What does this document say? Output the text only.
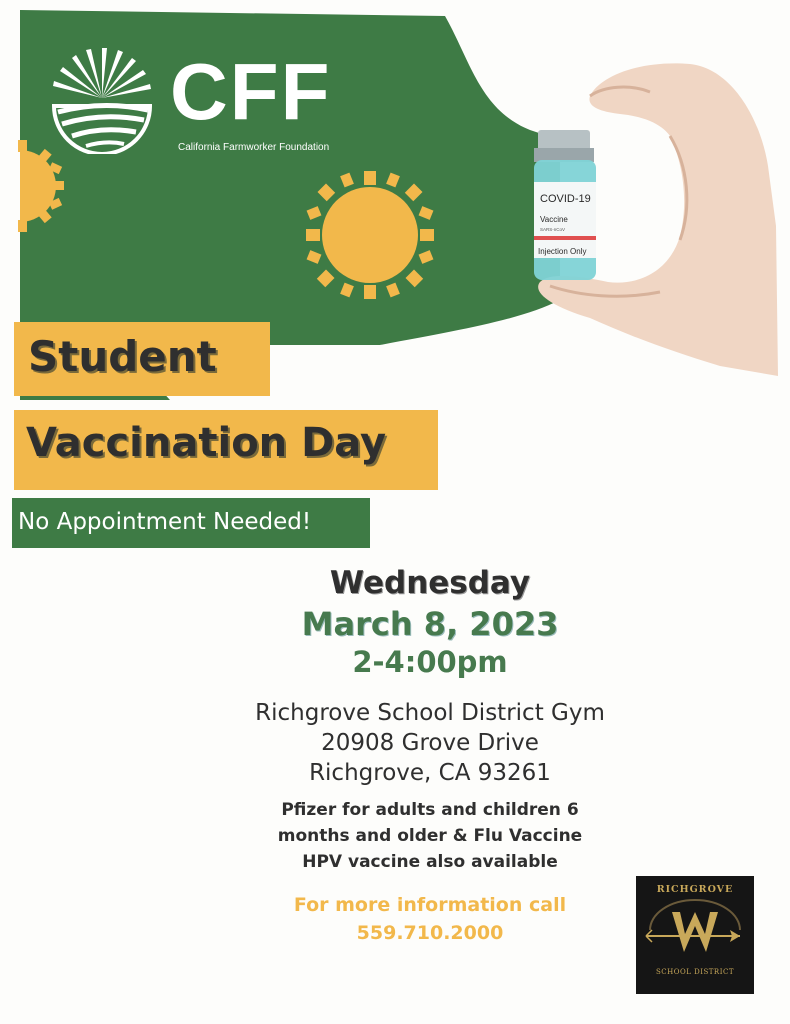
CFF
California Farmworker Foundation
COVID-19
Vaccine
SARS-nCoV
Injection Only
Student
Vaccination Day
No Appointment Needed!
Wednesday
March 8, 2023
2-4:00pm
Richgrove School District Gym
20908 Grove Drive
Richgrove, CA 93261
Pfizer for adults and children 6
months and older & Flu Vaccine
HPV vaccine also available
For more information call
559.710.2000
RICHGROVE
SCHOOL DISTRICT
